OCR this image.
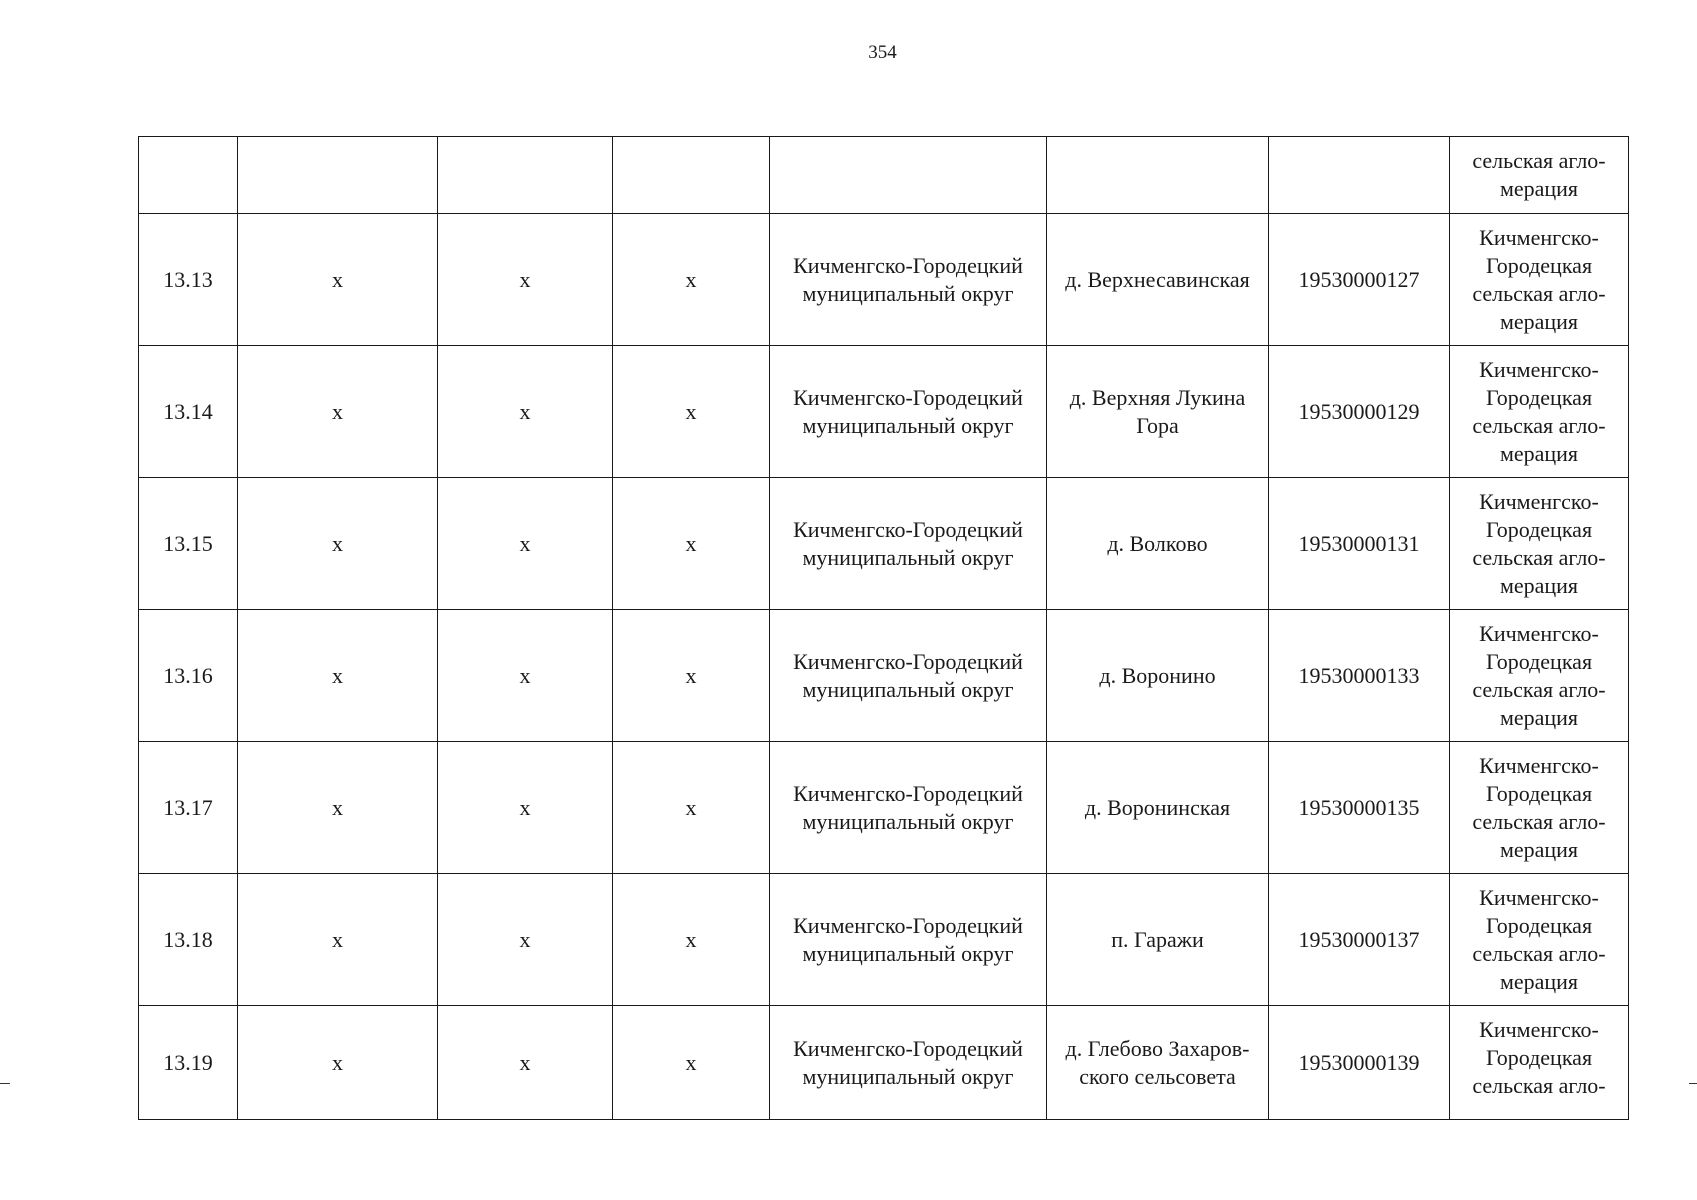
354
							сельская агло-мерация
13.13	х	х	х	Кичменгско-Городецкий муниципальный округ	д. Верхнесавинская	19530000127	Кичменгско-Городецкая сельская агло-мерация
13.14	х	х	х	Кичменгско-Городецкий муниципальный округ	д. Верхняя Лукина Гора	19530000129	Кичменгско-Городецкая сельская агло-мерация
13.15	х	х	х	Кичменгско-Городецкий муниципальный округ	д. Волково	19530000131	Кичменгско-Городецкая сельская агло-мерация
13.16	х	х	х	Кичменгско-Городецкий муниципальный округ	д. Воронино	19530000133	Кичменгско-Городецкая сельская агло-мерация
13.17	х	х	х	Кичменгско-Городецкий муниципальный округ	д. Воронинская	19530000135	Кичменгско-Городецкая сельская агло-мерация
13.18	х	х	х	Кичменгско-Городецкий муниципальный округ	п. Гаражи	19530000137	Кичменгско-Городецкая сельская агло-мерация
13.19	х	х	х	Кичменгско-Городецкий муниципальный округ	д. Глебово Захаров-ского сельсовета	19530000139	Кичменгско-Городецкая сельская агло-
